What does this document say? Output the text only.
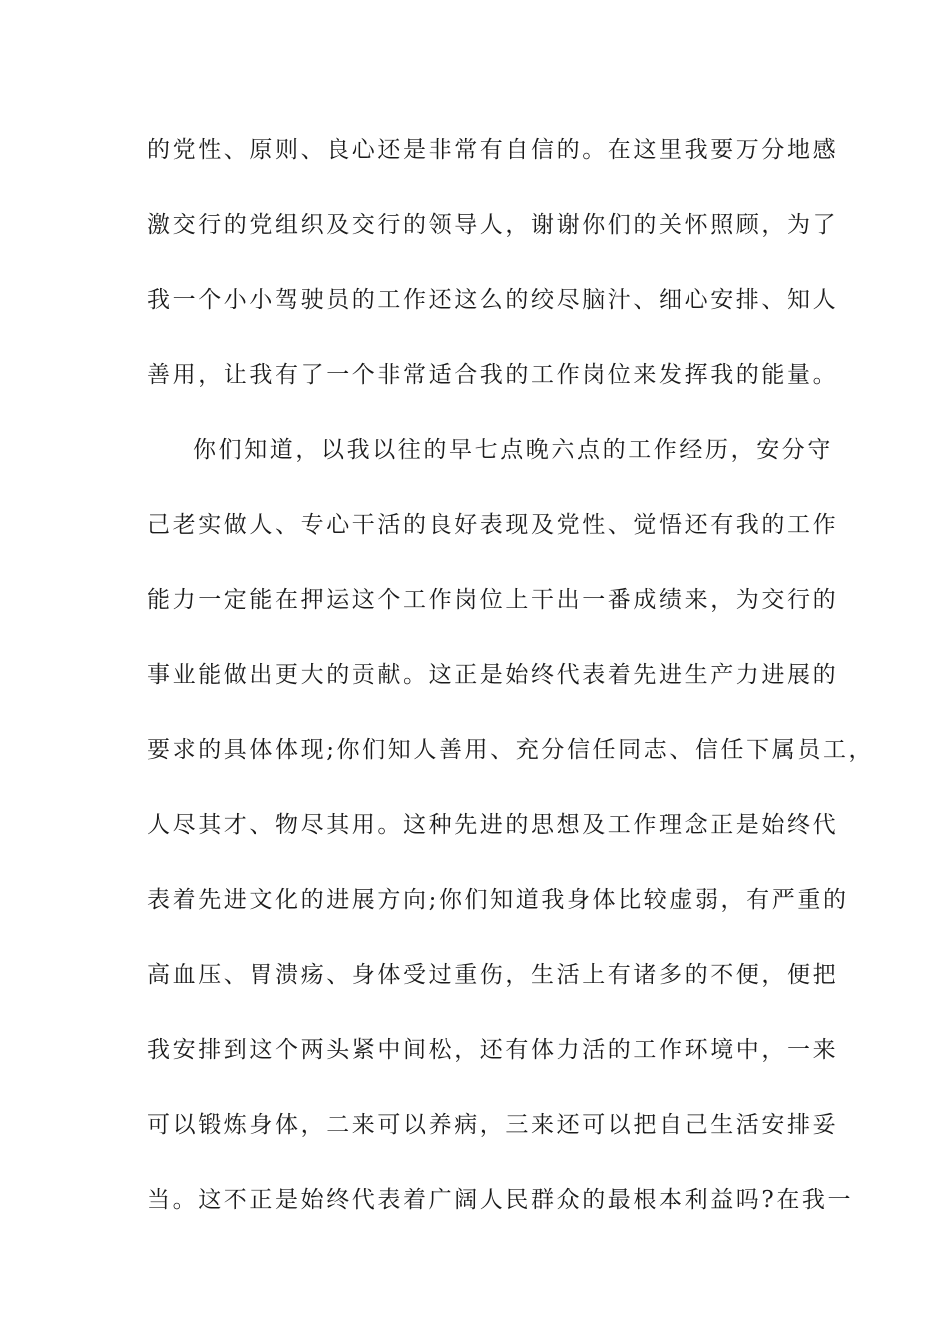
的党性、原则、良心还是非常有自信的。在这里我要万分地感
激交行的党组织及交行的领导人，谢谢你们的关怀照顾，为了
我一个小小驾驶员的工作还这么的绞尽脑汁、细心安排、知人
善用，让我有了一个非常适合我的工作岗位来发挥我的能量。
你们知道，以我以往的早七点晚六点的工作经历，安分守
己老实做人、专心干活的良好表现及党性、觉悟还有我的工作
能力一定能在押运这个工作岗位上干出一番成绩来，为交行的
事业能做出更大的贡献。这正是始终代表着先进生产力进展的
要求的具体体现;你们知人善用、充分信任同志、信任下属员工，
人尽其才、物尽其用。这种先进的思想及工作理念正是始终代
表着先进文化的进展方向;你们知道我身体比较虚弱，有严重的
高血压、胃溃疡、身体受过重伤，生活上有诸多的不便，便把
我安排到这个两头紧中间松，还有体力活的工作环境中，一来
可以锻炼身体，二来可以养病，三来还可以把自己生活安排妥
当。这不正是始终代表着广阔人民群众的最根本利益吗?在我一
